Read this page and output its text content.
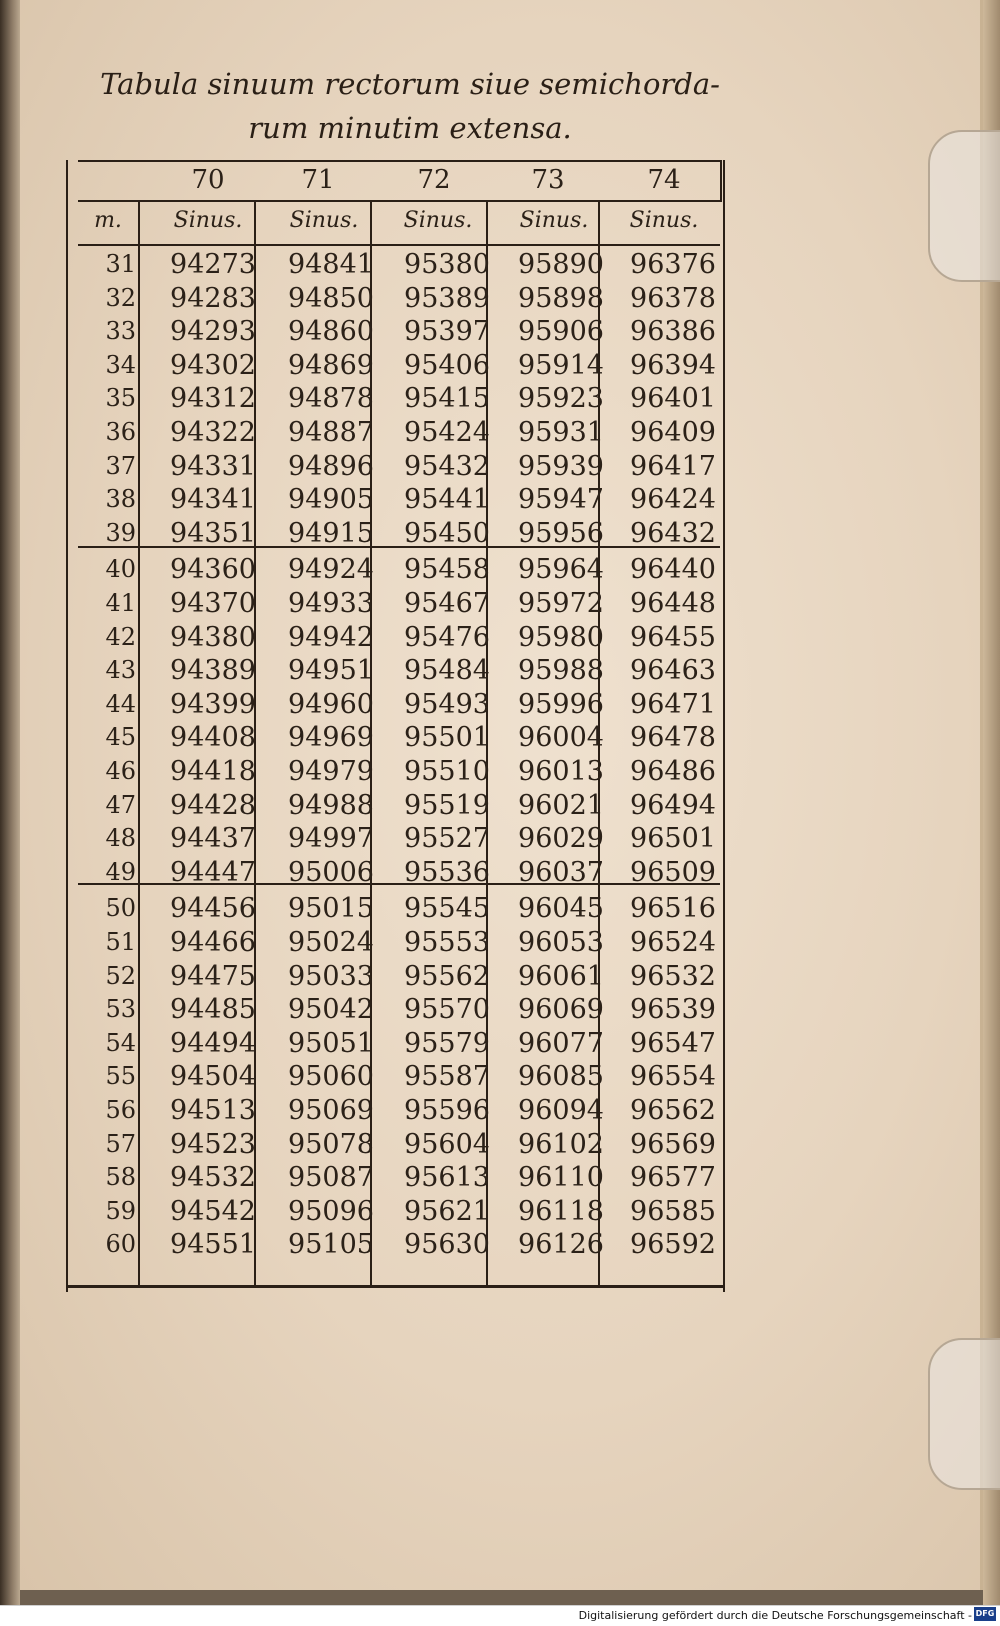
Tabula sinuum rectorum siue semichorda-
rum minutim extensa.
70	71	72	73	74
m.	Sinus.	Sinus.	Sinus.	Sinus.	Sinus.
31	94273	94841	95380	95890 96376
32	94283	94850	95389	95898 96378
33	94293	94860	95397	95906 96386
34	94302	94869	95406	95914 96394
35	94312	94878	95415	95923 96401
36	94322	94887	95424	95931 96409
37	94331	94896	95432	95939 96417
38	94341	94905	95441	95947 96424
39	94351	94915	95450	95956 96432
40	94360	94924	95458	95964 96440
41	94370	94933	95467	95972 96448
42	94380	94942	95476	95980 96455
43	94389	94951	95484	95988 96463
44	94399	94960	95493	95996 96471
45	94408	94969	95501	96004 96478
46	94418	94979	95510	96013 96486
47	94428	94988	95519	96021 96494
48	94437	94997	95527	96029 96501
49	94447	95006	95536	96037 96509
50	94456	95015	95545	96045 96516
51	94466	95024	95553	96053 96524
52	94475	95033	95562	96061 96532
53	94485	95042	95570	96069 96539
54	94494	95051	95579	96077 96547
55	94504	95060	95587	96085 96554
56	94513	95069	95596	96094 96562
57	94523	95078	95604	96102 96569
58	94532	95087	95613	96110 96577
59	94542	95096	95621	96118 96585
60	94551	95105	95630	96126 96592
Digitalisierung gefördert durch die Deutsche Forschungsgemeinschaft - DFG
